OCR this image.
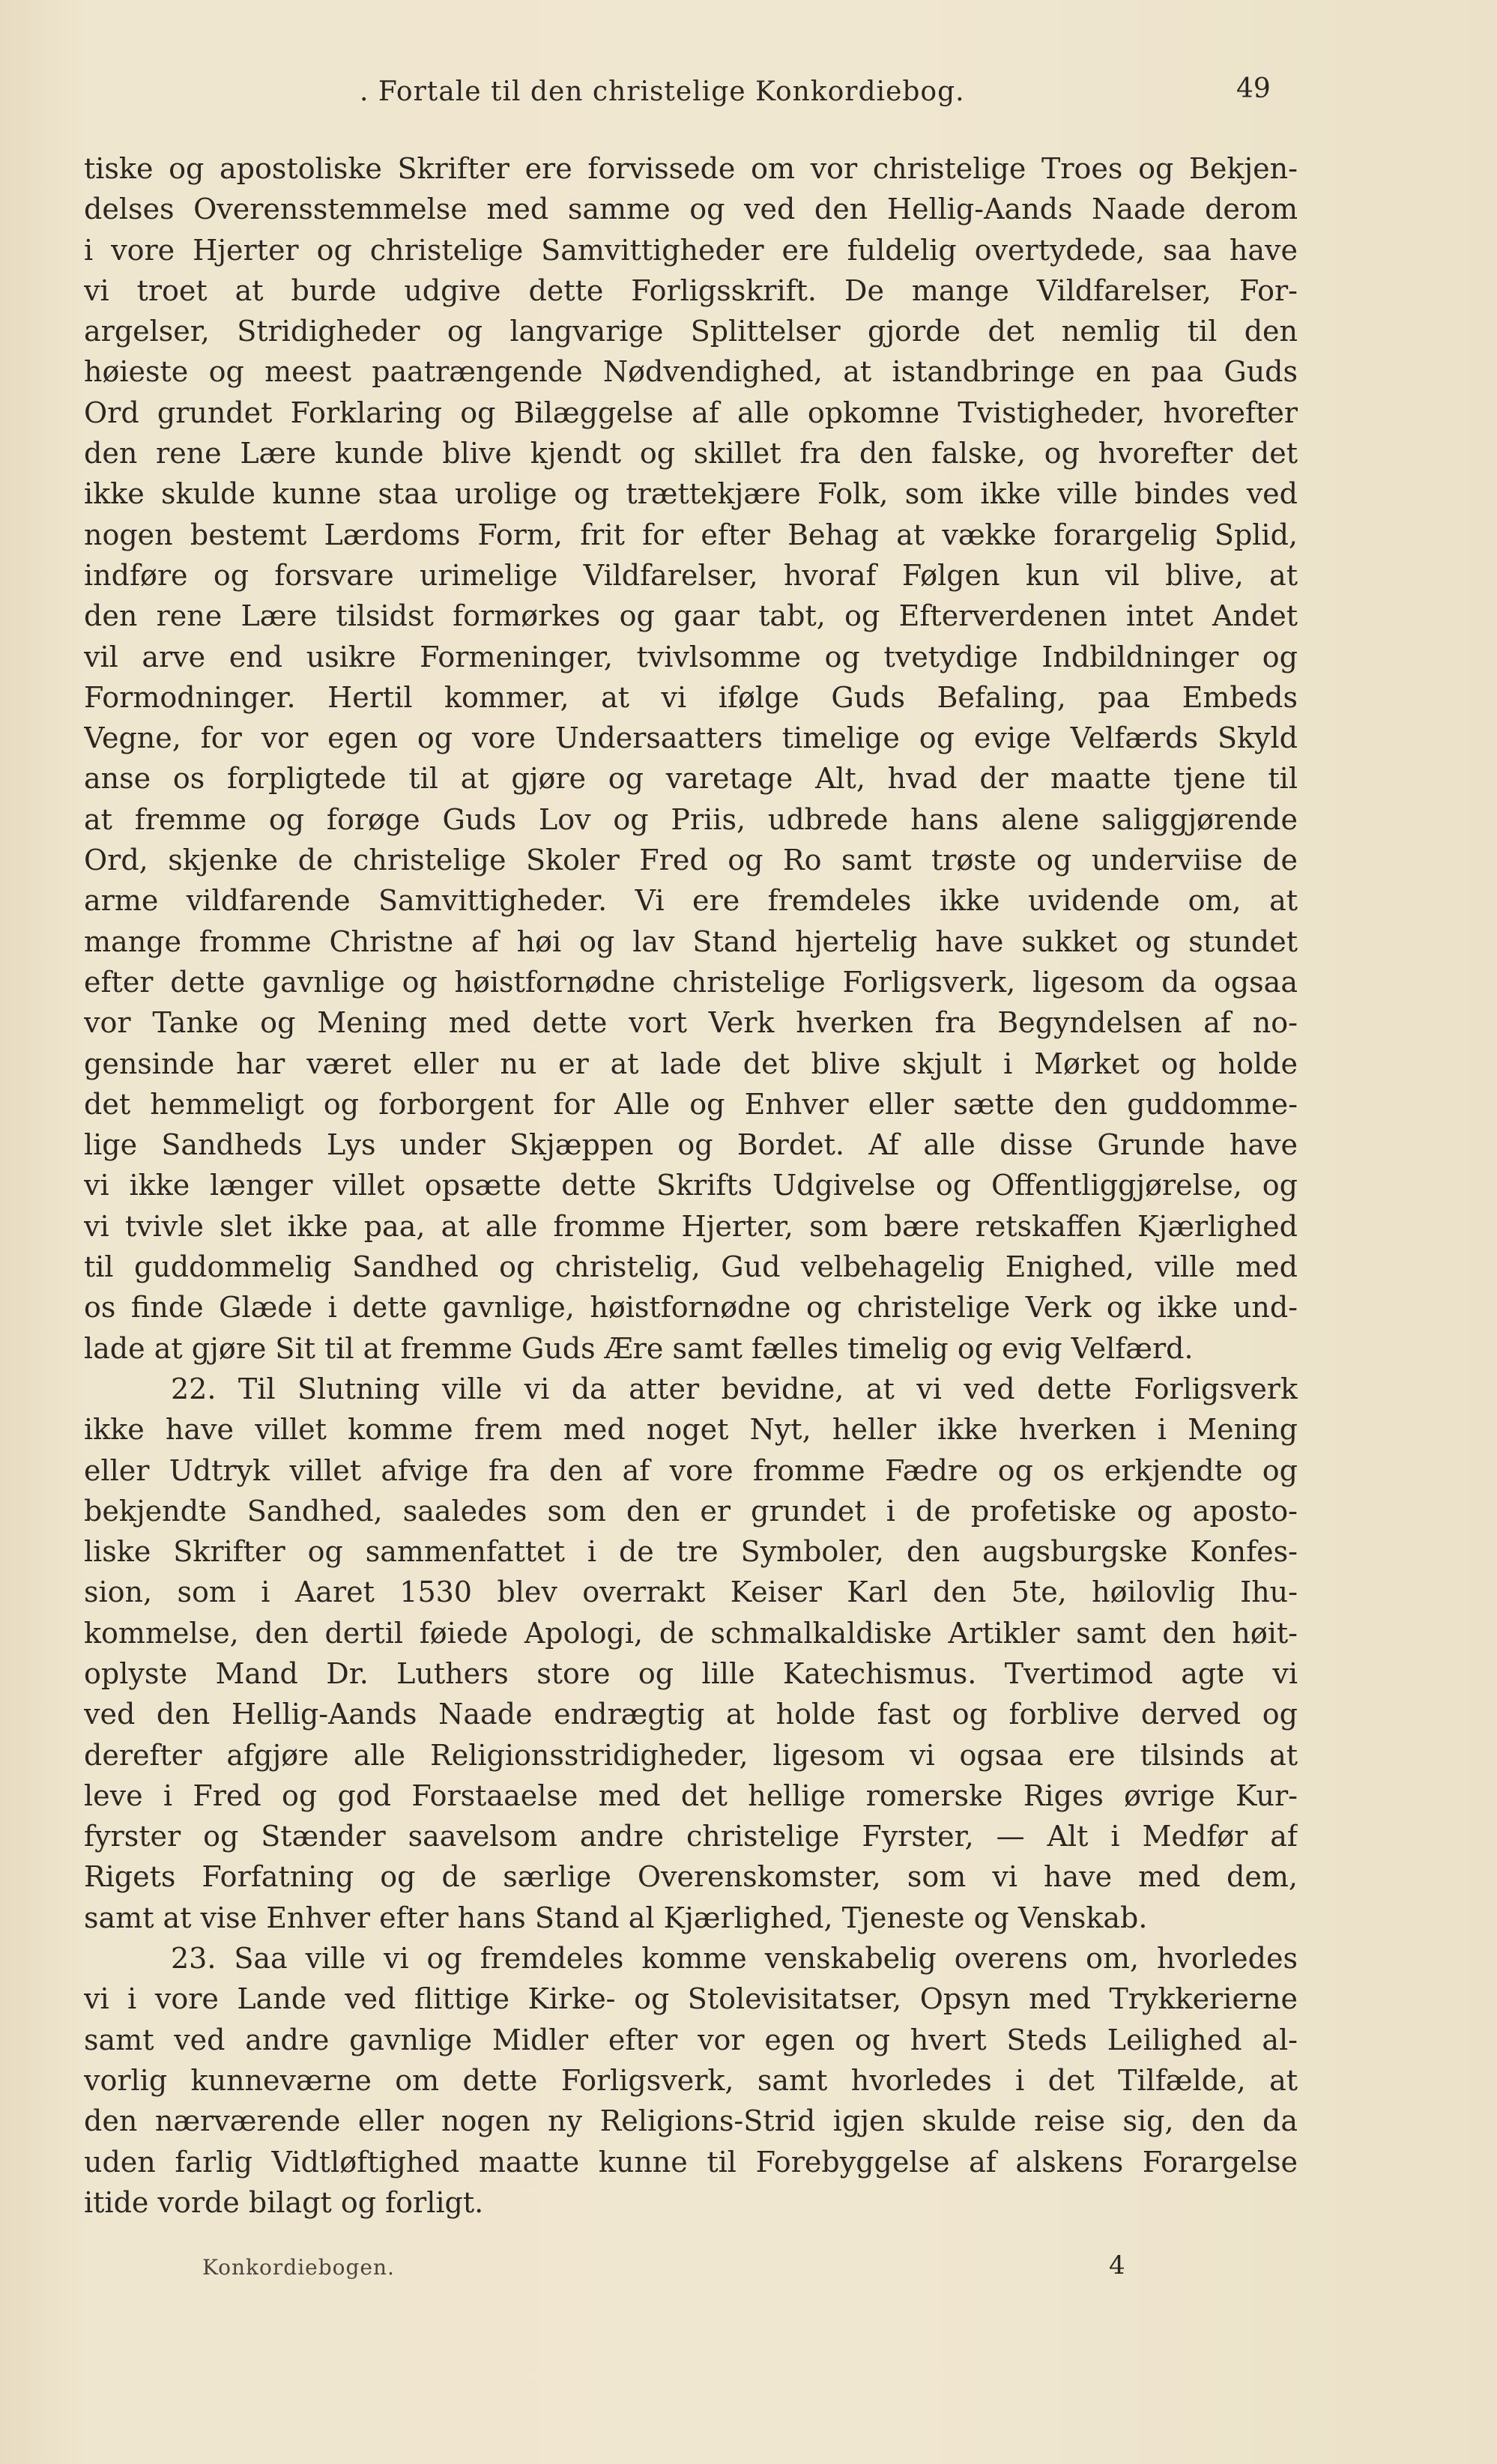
. Fortale til den christelige Konkordiebog.	49
tiske og apostoliske Skrifter ere forvissede om vor christelige Troes og Bekjen-
delses Overensstemmelse med samme og ved den Hellig-Aands Naade derom
i vore Hjerter og christelige Samvittigheder ere fuldelig overtydede, saa have
vi troet at burde udgive dette Forligsskrift. De mange Vildfarelser, For-
argelser, Stridigheder og langvarige Splittelser gjorde det nemlig til den
høieste og meest paatrængende Nødvendighed, at istandbringe en paa Guds
Ord grundet Forklaring og Bilæggelse af alle opkomne Tvistigheder, hvorefter
den rene Lære kunde blive kjendt og skillet fra den falske, og hvorefter det
ikke skulde kunne staa urolige og trættekjære Folk, som ikke ville bindes ved
nogen bestemt Lærdoms Form, frit for efter Behag at vække forargelig Splid,
indføre og forsvare urimelige Vildfarelser, hvoraf Følgen kun vil blive, at
den rene Lære tilsidst formørkes og gaar tabt, og Efterverdenen intet Andet
vil arve end usikre Formeninger, tvivlsomme og tvetydige Indbildninger og
Formodninger. Hertil kommer, at vi ifølge Guds Befaling, paa Embeds
Vegne, for vor egen og vore Undersaatters timelige og evige Velfærds Skyld
anse os forpligtede til at gjøre og varetage Alt, hvad der maatte tjene til
at fremme og forøge Guds Lov og Priis, udbrede hans alene saliggjørende
Ord, skjenke de christelige Skoler Fred og Ro samt trøste og underviise de
arme vildfarende Samvittigheder. Vi ere fremdeles ikke uvidende om, at
mange fromme Christne af høi og lav Stand hjertelig have sukket og stundet
efter dette gavnlige og høistfornødne christelige Forligsverk, ligesom da ogsaa
vor Tanke og Mening med dette vort Verk hverken fra Begyndelsen af no-
gensinde har været eller nu er at lade det blive skjult i Mørket og holde
det hemmeligt og forborgent for Alle og Enhver eller sætte den guddomme-
lige Sandheds Lys under Skjæppen og Bordet. Af alle disse Grunde have
vi ikke længer villet opsætte dette Skrifts Udgivelse og Offentliggjørelse, og
vi tvivle slet ikke paa, at alle fromme Hjerter, som bære retskaffen Kjærlighed
til guddommelig Sandhed og christelig, Gud velbehagelig Enighed, ville med
os finde Glæde i dette gavnlige, høistfornødne og christelige Verk og ikke und-
lade at gjøre Sit til at fremme Guds Ære samt fælles timelig og evig Velfærd.
22. Til Slutning ville vi da atter bevidne, at vi ved dette Forligsverk
ikke have villet komme frem med noget Nyt, heller ikke hverken i Mening
eller Udtryk villet afvige fra den af vore fromme Fædre og os erkjendte og
bekjendte Sandhed, saaledes som den er grundet i de profetiske og aposto-
liske Skrifter og sammenfattet i de tre Symboler, den augsburgske Konfes-
sion, som i Aaret 1530 blev overrakt Keiser Karl den 5te, høilovlig Ihu-
kommelse, den dertil føiede Apologi, de schmalkaldiske Artikler samt den høit-
oplyste Mand Dr. Luthers store og lille Katechismus. Tvertimod agte vi
ved den Hellig-Aands Naade endrægtig at holde fast og forblive derved og
derefter afgjøre alle Religionsstridigheder, ligesom vi ogsaa ere tilsinds at
leve i Fred og god Forstaaelse med det hellige romerske Riges øvrige Kur-
fyrster og Stænder saavelsom andre christelige Fyrster, — Alt i Medfør af
Rigets Forfatning og de særlige Overenskomster, som vi have med dem,
samt at vise Enhver efter hans Stand al Kjærlighed, Tjeneste og Venskab.
23. Saa ville vi og fremdeles komme venskabelig overens om, hvorledes
vi i vore Lande ved flittige Kirke- og Stolevisitatser, Opsyn med Trykkerierne
samt ved andre gavnlige Midler efter vor egen og hvert Steds Leilighed al-
vorlig kunneværne om dette Forligsverk, samt hvorledes i det Tilfælde, at
den nærværende eller nogen ny Religions-Strid igjen skulde reise sig, den da
uden farlig Vidtløftighed maatte kunne til Forebyggelse af alskens Forargelse
itide vorde bilagt og forligt.
Konkordiebogen.	4
